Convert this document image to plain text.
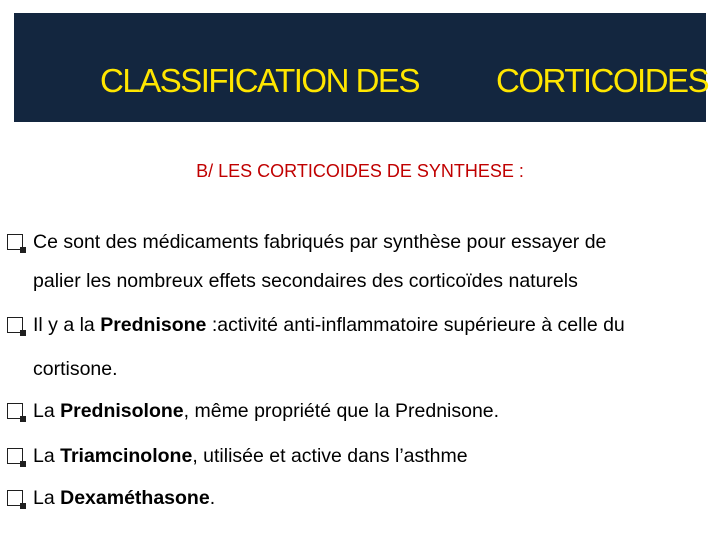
CLASSIFICATION DES CORTICOIDES
B/ LES CORTICOIDES DE SYNTHESE :
Ce sont des médicaments fabriqués par synthèse pour essayer de
palier les nombreux effets secondaires des corticoïdes naturels
Il y a la Prednisone :activité anti-inflammatoire supérieure à celle du
cortisone.
La Prednisolone, même propriété que la Prednisone.
La Triamcinolone, utilisée et active dans l’asthme
La Dexaméthasone.
